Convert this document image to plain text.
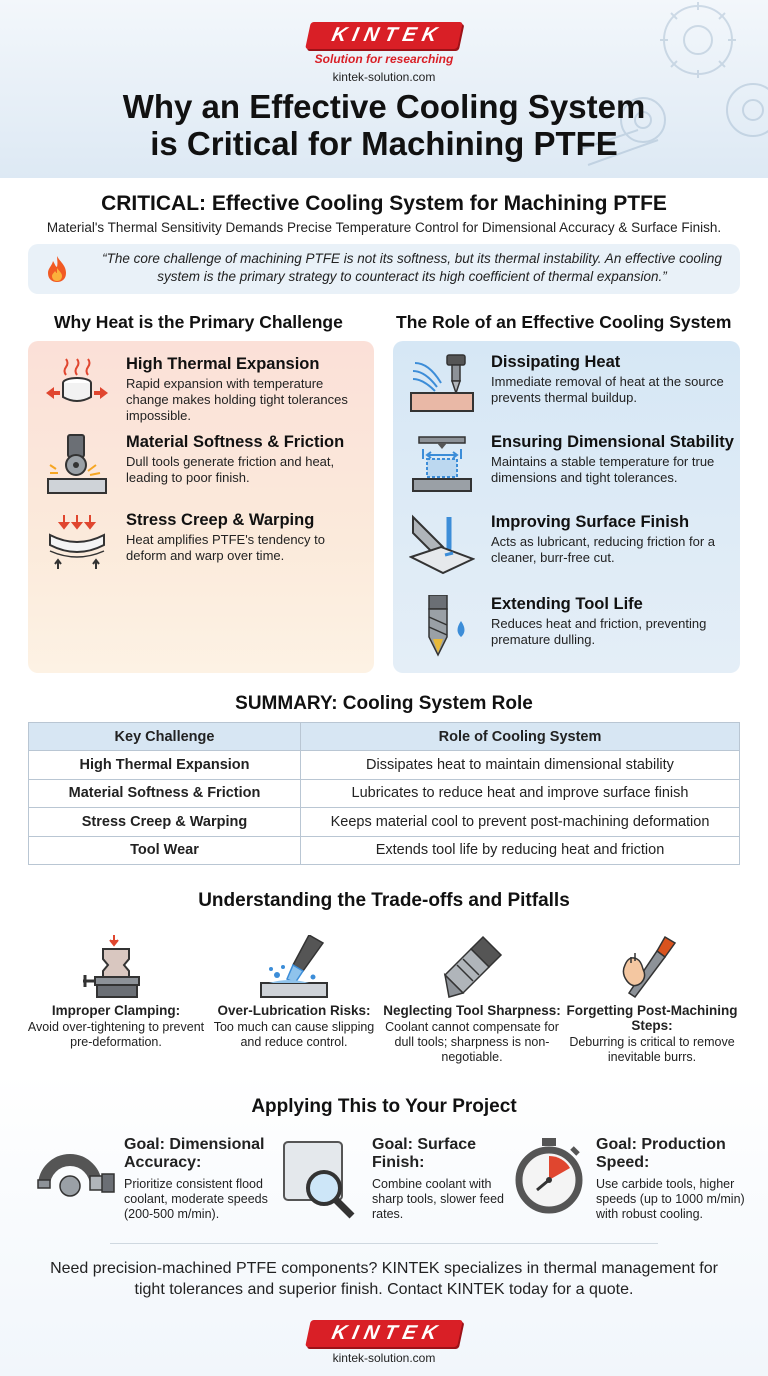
KINTEK
Solution for researching
kintek-solution.com
Why an Effective Cooling System
is Critical for Machining PTFE
CRITICAL: Effective Cooling System for Machining PTFE
Material's Thermal Sensitivity Demands Precise Temperature Control for Dimensional Accuracy & Surface Finish.
“The core challenge of machining PTFE is not its softness, but its thermal instability. An effective cooling system is the primary strategy to counteract its high coefficient of thermal expansion.”
Why Heat is the Primary Challenge
High Thermal Expansion
Rapid expansion with temperature change makes holding tight tolerances impossible.
Material Softness & Friction
Dull tools generate friction and heat, leading to poor finish.
Stress Creep & Warping
Heat amplifies PTFE's tendency to deform and warp over time.
The Role of an Effective Cooling System
Dissipating Heat
Immediate removal of heat at the source prevents thermal buildup.
Ensuring Dimensional Stability
Maintains a stable temperature for true dimensions and tight tolerances.
Improving Surface Finish
Acts as lubricant, reducing friction for a cleaner, burr-free cut.
Extending Tool Life
Reduces heat and friction, preventing premature dulling.
SUMMARY: Cooling System Role
Key Challenge	Role of Cooling System
High Thermal Expansion	Dissipates heat to maintain dimensional stability
Material Softness & Friction	Lubricates to reduce heat and improve surface finish
Stress Creep & Warping	Keeps material cool to prevent post-machining deformation
Tool Wear	Extends tool life by reducing heat and friction
Understanding the Trade-offs and Pitfalls
Improper Clamping:
Avoid over-tightening to prevent pre-deformation.
Over-Lubrication Risks:
Too much can cause slipping and reduce control.
Neglecting Tool Sharpness:
Coolant cannot compensate for dull tools; sharpness is non-negotiable.
Forgetting Post-Machining Steps:
Deburring is critical to remove inevitable burrs.
Applying This to Your Project
Goal: Dimensional Accuracy:
Prioritize consistent flood coolant, moderate speeds (200-500 m/min).
Goal: Surface Finish:
Combine coolant with sharp tools, slower feed rates.
Goal: Production Speed:
Use carbide tools, higher speeds (up to 1000 m/min) with robust cooling.
Need precision-machined PTFE components? KINTEK specializes in thermal management for tight tolerances and superior finish. Contact KINTEK today for a quote.
KINTEK
kintek-solution.com
